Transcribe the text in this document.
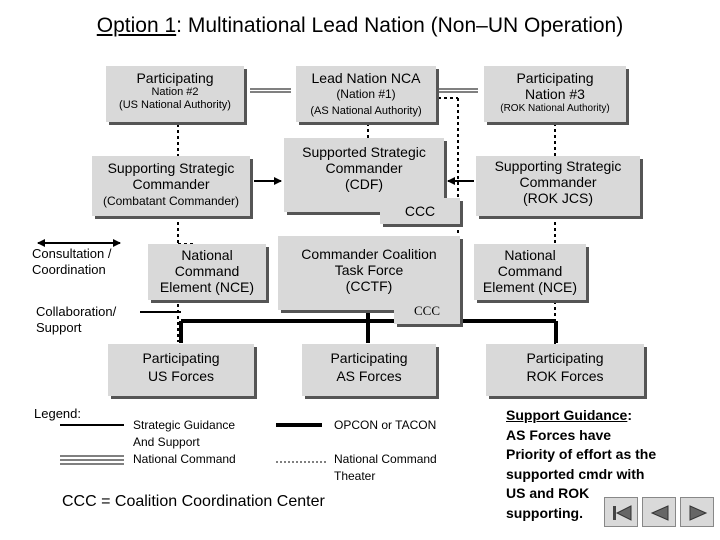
Option 1: Multinational Lead Nation (Non–UN Operation)
Participating
Nation #2
(US National Authority)
Lead Nation NCA
(Nation #1)
(AS National Authority)
Participating
Nation #3
(ROK National Authority)
Supporting Strategic
Commander
(Combatant Commander)
Supported Strategic
Commander
(CDF)
CCC
Supporting Strategic
Commander
(ROK JCS)
National
Command
Element (NCE)
Commander Coalition
Task Force
(CCTF)
CCC
National
Command
Element (NCE)
Participating
US Forces
Participating
AS Forces
Participating
ROK Forces
Consultation /
Coordination
Collaboration/
Support
Legend:
Strategic Guidance
And Support
National Command
OPCON or TACON
National Command
Theater
CCC = Coalition Coordination Center
Support Guidance:
AS Forces have
Priority of effort as the
supported cmdr with
US and ROK
supporting.
